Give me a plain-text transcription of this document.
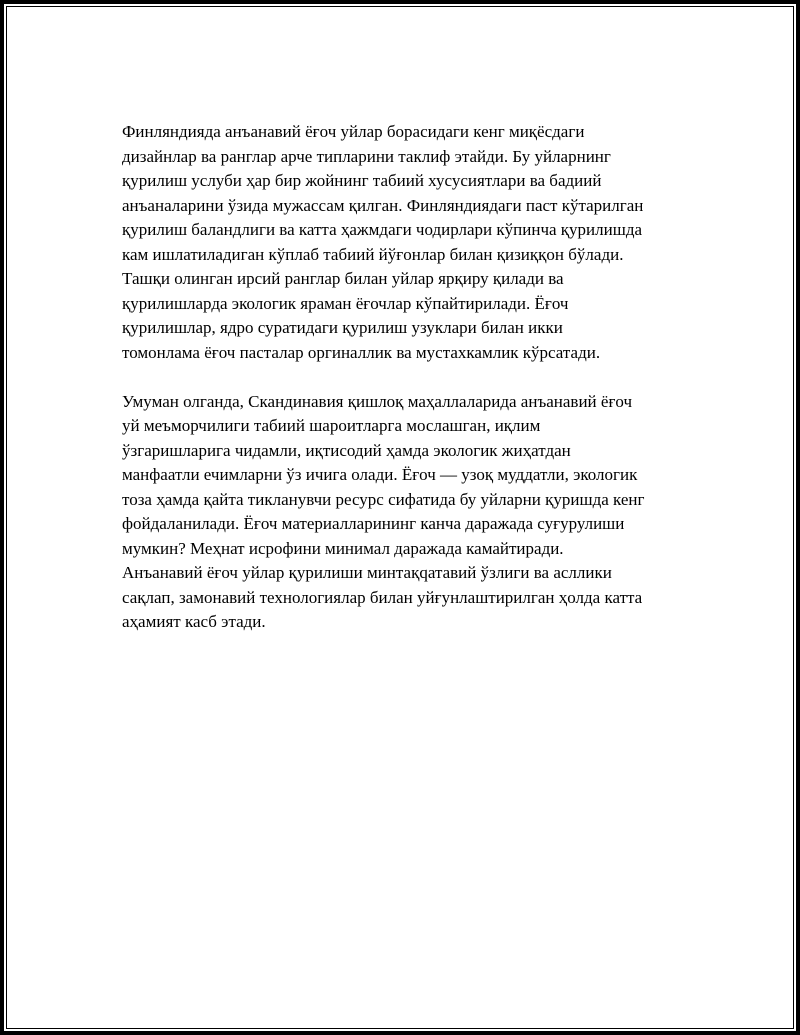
Финляндияда анъанавий ёғоч уйлар борасидаги кенг миқёсдаги
дизайнлар ва ранглар арче типларини таклиф этайди. Бу уйларнинг
қурилиш услуби ҳар бир жойнинг табиий хусусиятлари ва бадиий
анъаналарини ўзида мужассам қилган. Финляндиядаги паст кўтарилган
қурилиш баландлиги ва катта ҳажмдаги чодирлари кўпинча қурилишда
кам ишлатиладиган кўплаб табиий йўғонлар билан қизиққон бўлади.
Ташқи олинган ирсий ранглар билан уйлар ярқиру қилади ва
қурилишларда экологик яраман ёғочлар кўпайтирилади. Ёғоч
қурилишлар, ядро суратидаги қурилиш узуклари билан икки
томонлама ёғоч пасталар оргиналлик ва мустахкамлик кўрсатади.

Умуман олганда, Скандинавия қишлоқ маҳаллаларида анъанавий ёғоч
уй меъморчилиги табиий шароитларга мослашган, иқлим
ўзгаришларига чидамли, иқтисодий ҳамда экологик жиҳатдан
манфаатли ечимларни ўз ичига олади. Ёғоч — узоқ муддатли, экологик
тоза ҳамда қайта тикланувчи ресурс сифатида бу уйларни қуришда кенг
фойдаланилади. Ёғоч материалларининг канча даражада суғурулиши
мумкин? Меҳнат исрофини минимал даражада камайтиради.
Анъанавий ёғоч уйлар қурилиши минтақqатавий ўзлиги ва асллики
сақлап, замонавий технологиялар билан уйғунлаштирилган ҳолда катта
аҳамият касб этади.
